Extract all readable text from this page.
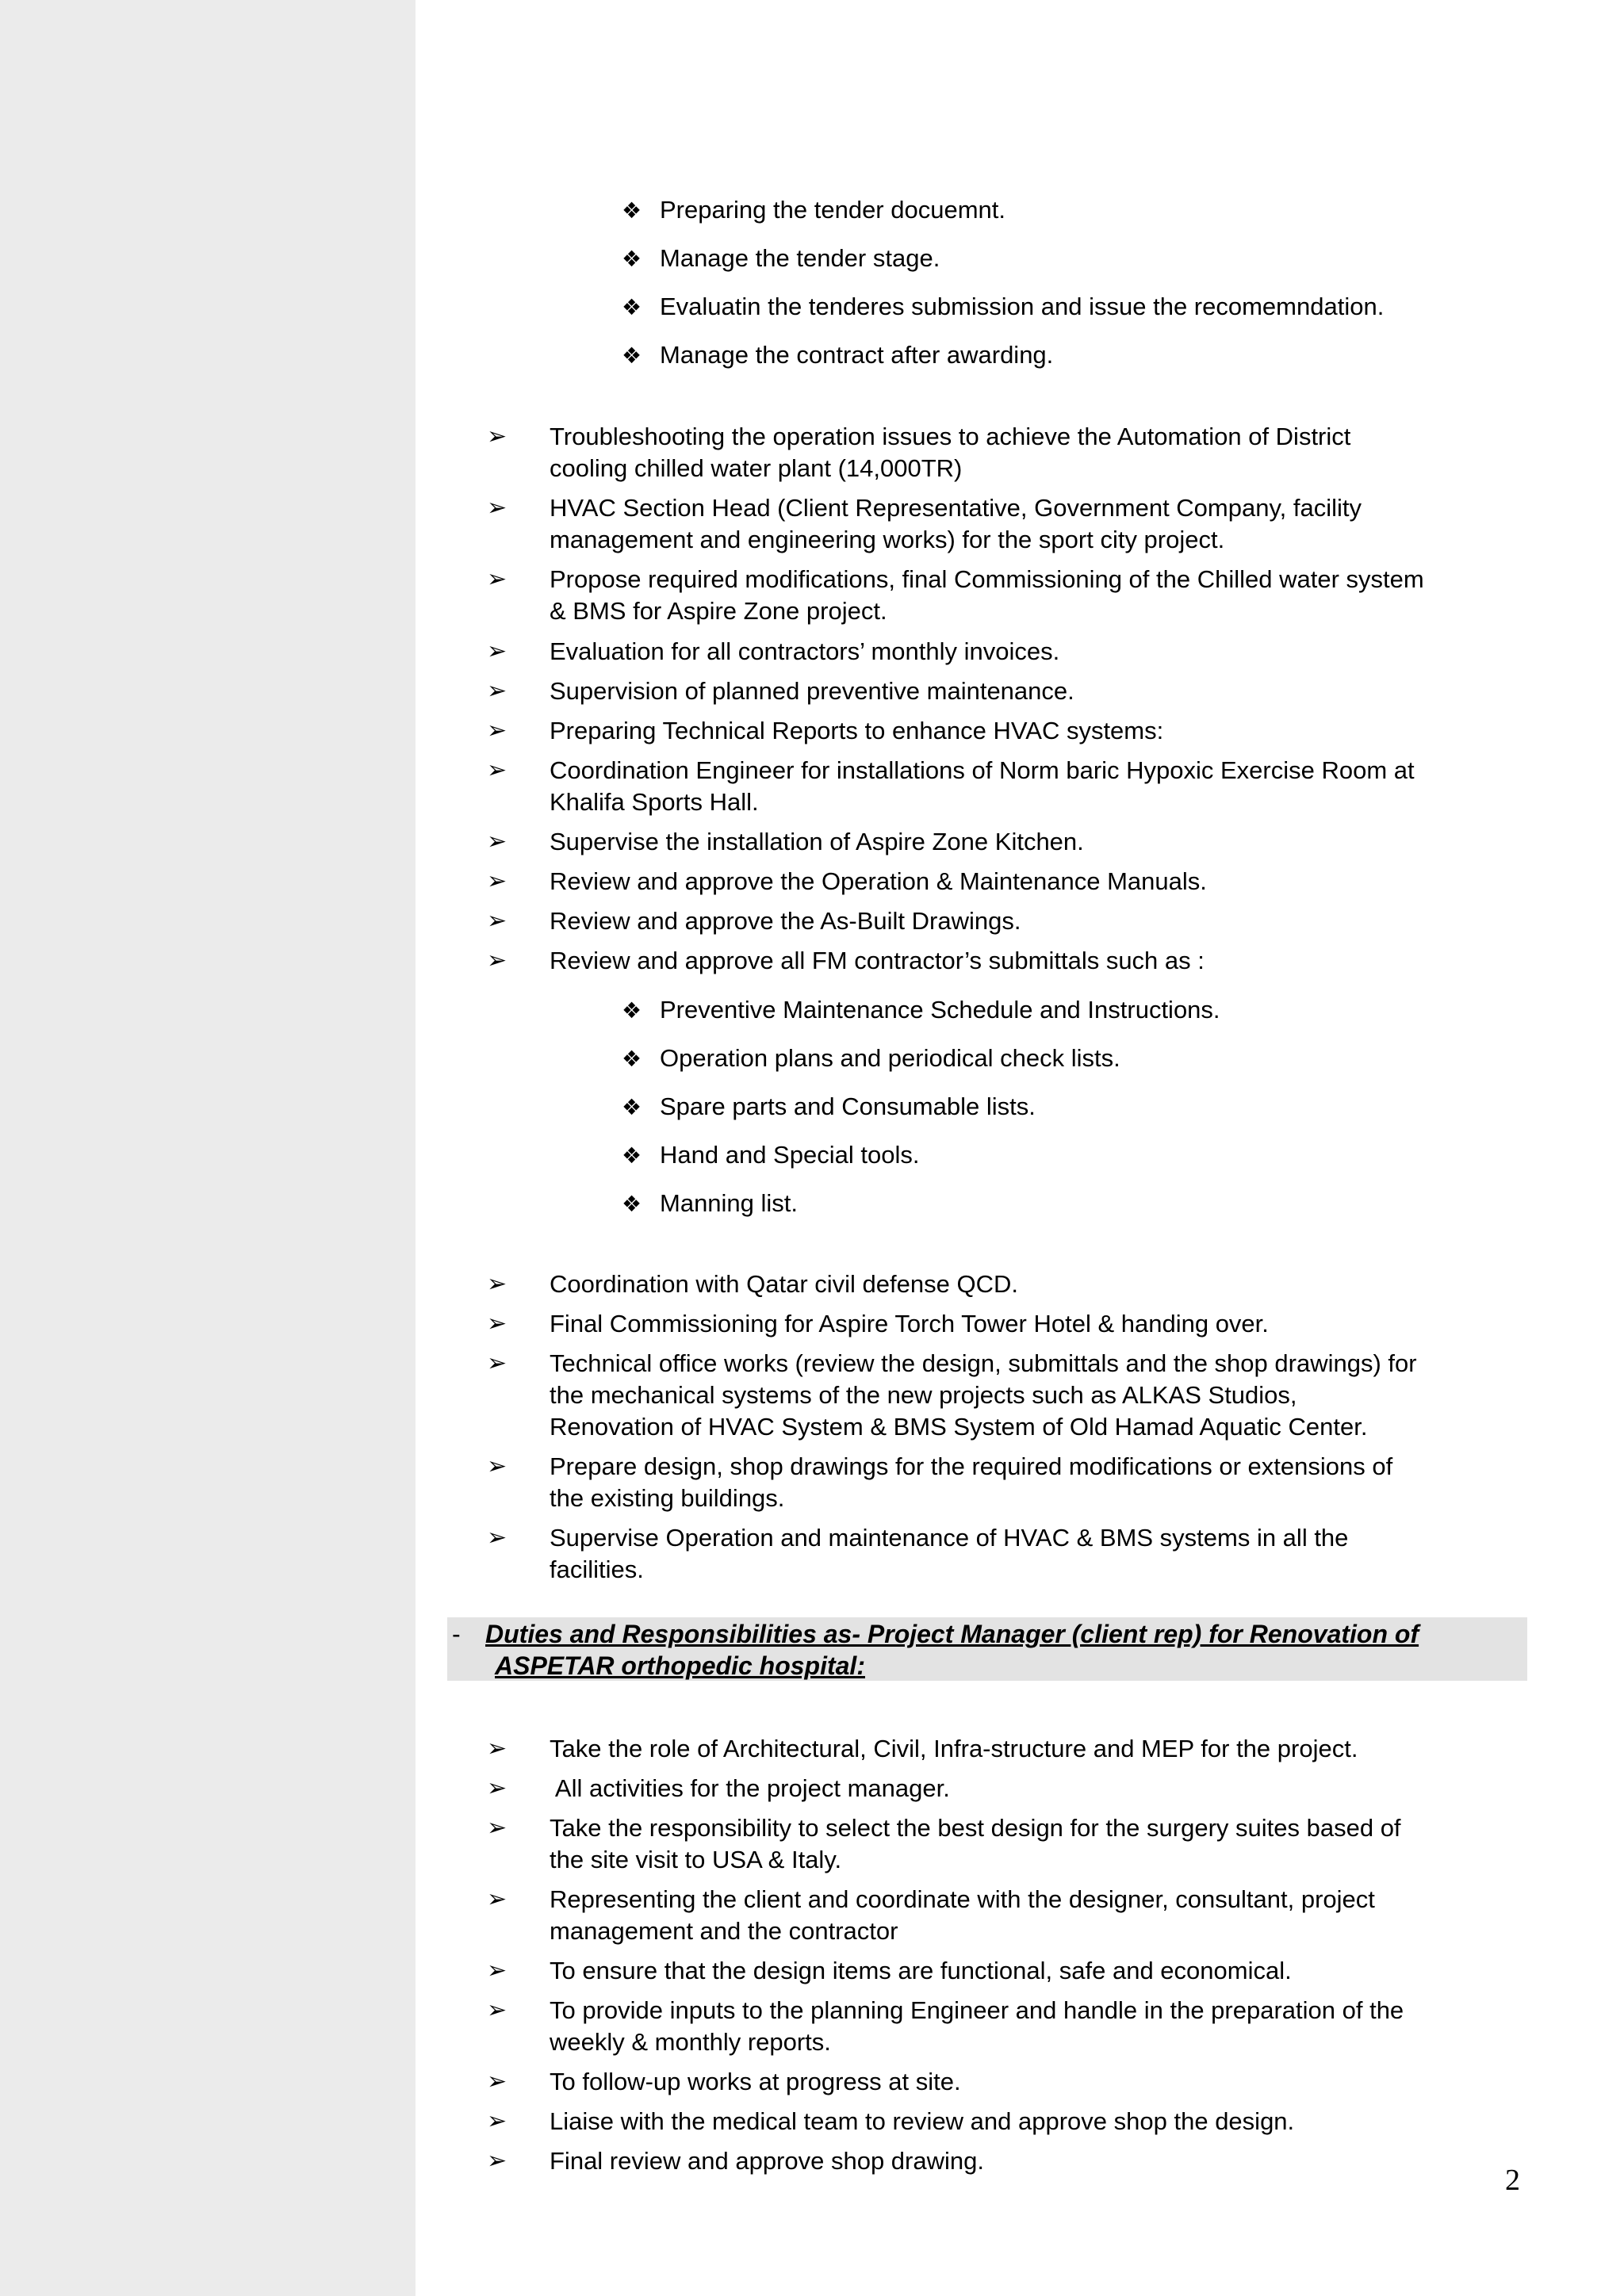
❖ Preparing the tender docuemnt.
❖ Manage the tender stage.
❖ Evaluatin the tenderes submission and issue the recomemndation.
❖ Manage the contract after awarding.
➢ Troubleshooting the operation issues to achieve the Automation of District
cooling chilled water plant (14,000TR)
➢ HVAC Section Head (Client Representative, Government Company, facility
management and engineering works) for the sport city project.
➢ Propose required modifications, final Commissioning of the Chilled water system
& BMS for Aspire Zone project.
➢ Evaluation for all contractors’ monthly invoices.
➢ Supervision of planned preventive maintenance.
➢ Preparing Technical Reports to enhance HVAC systems:
➢ Coordination Engineer for installations of Norm baric Hypoxic Exercise Room at
Khalifa Sports Hall.
➢ Supervise the installation of Aspire Zone Kitchen.
➢ Review and approve the Operation & Maintenance Manuals.
➢ Review and approve the As-Built Drawings.
➢ Review and approve all FM contractor’s submittals such as :
❖ Preventive Maintenance Schedule and Instructions.
❖ Operation plans and periodical check lists.
❖ Spare parts and Consumable lists.
❖ Hand and Special tools.
❖ Manning list.
➢ Coordination with Qatar civil defense QCD.
➢ Final Commissioning for Aspire Torch Tower Hotel & handing over.
➢ Technical office works (review the design, submittals and the shop drawings) for
the mechanical systems of the new projects such as ALKAS Studios,
Renovation of HVAC System & BMS System of Old Hamad Aquatic Center.
➢ Prepare design, shop drawings for the required modifications or extensions of
the existing buildings.
➢ Supervise Operation and maintenance of HVAC & BMS systems in all the
facilities.
- Duties and Responsibilities as- Project Manager (client rep) for Renovation of
ASPETAR orthopedic hospital:
➢ Take the role of Architectural, Civil, Infra-structure and MEP for the project.
➢ All activities for the project manager.
➢ Take the responsibility to select the best design for the surgery suites based of
the site visit to USA & Italy.
➢ Representing the client and coordinate with the designer, consultant, project
management and the contractor
➢ To ensure that the design items are functional, safe and economical.
➢ To provide inputs to the planning Engineer and handle in the preparation of the
weekly & monthly reports.
➢ To follow-up works at progress at site.
➢ Liaise with the medical team to review and approve shop the design.
➢ Final review and approve shop drawing.
2
